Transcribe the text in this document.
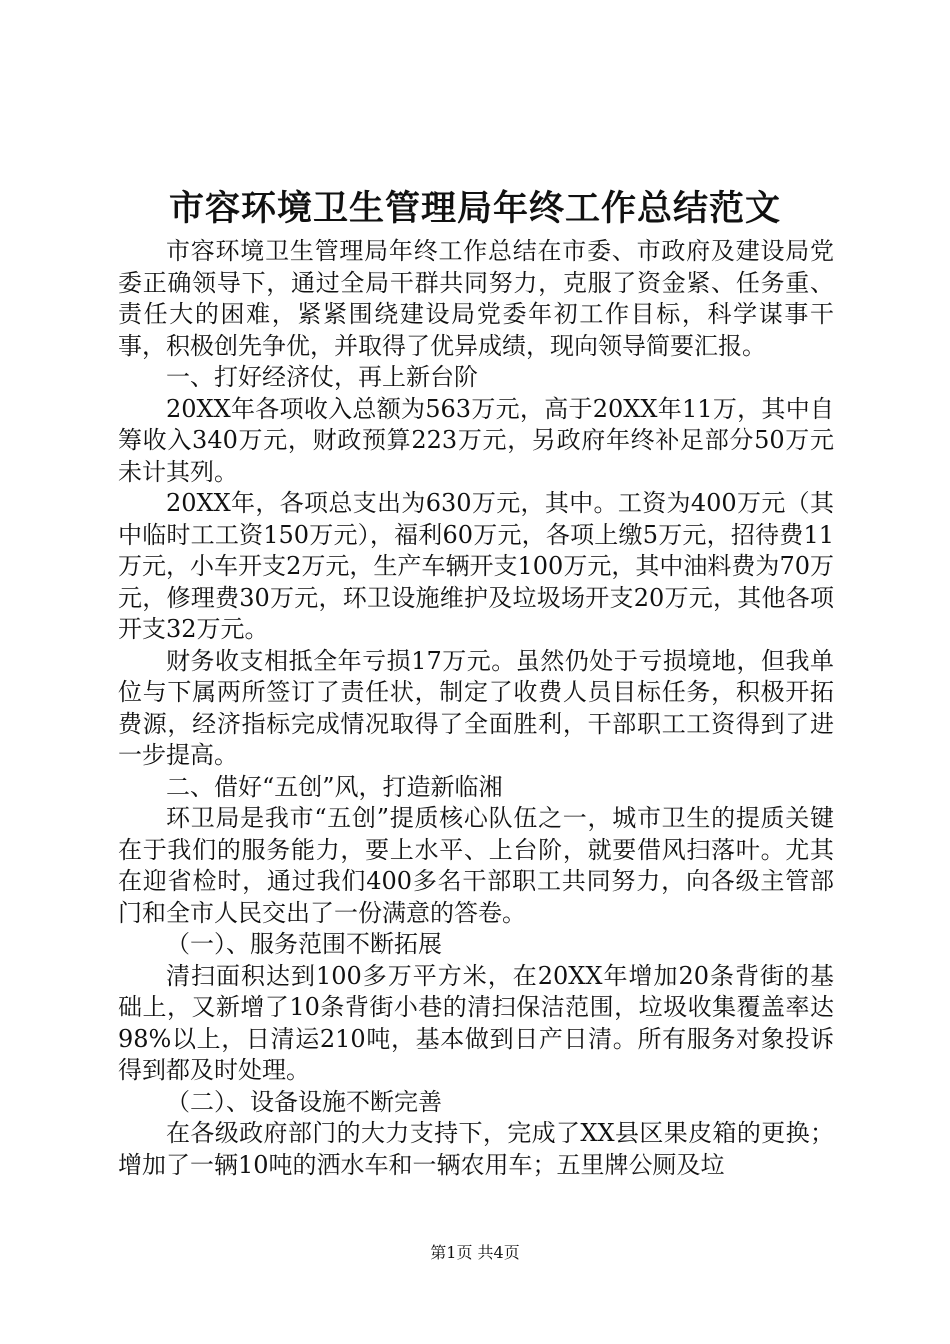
市容环境卫生管理局年终工作总结范文

市容环境卫生管理局年终工作总结在市委、市政府及建设局党委正确领导下，通过全局干群共同努力，克服了资金紧、任务重、责任大的困难，紧紧围绕建设局党委年初工作目标，科学谋事干事，积极创先争优，并取得了优异成绩，现向领导简要汇报。

一、打好经济仗，再上新台阶

20XX年各项收入总额为563万元，高于20XX年11万，其中自筹收入340万元，财政预算223万元，另政府年终补足部分50万元未计其列。

20XX年，各项总支出为630万元，其中。工资为400万元（其中临时工工资150万元），福利60万元，各项上缴5万元，招待费11万元，小车开支2万元，生产车辆开支100万元，其中油料费为70万元，修理费30万元，环卫设施维护及垃圾场开支20万元，其他各项开支32万元。

财务收支相抵全年亏损17万元。虽然仍处于亏损境地，但我单位与下属两所签订了责任状，制定了收费人员目标任务，积极开拓费源，经济指标完成情况取得了全面胜利，干部职工工资得到了进一步提高。

二、借好“五创”风，打造新临湘

环卫局是我市“五创”提质核心队伍之一，城市卫生的提质关键在于我们的服务能力，要上水平、上台阶，就要借风扫落叶。尤其在迎省检时，通过我们400多名干部职工共同努力，向各级主管部门和全市人民交出了一份满意的答卷。

（一）、服务范围不断拓展

清扫面积达到100多万平方米，在20XX年增加20条背街的基础上，又新增了10条背街小巷的清扫保洁范围，垃圾收集覆盖率达98%以上，日清运210吨，基本做到日产日清。所有服务对象投诉得到都及时处理。

（二）、设备设施不断完善

在各级政府部门的大力支持下，完成了XX县区果皮箱的更换；增加了一辆10吨的洒水车和一辆农用车；五里牌公厕及垃

第1页 共4页
